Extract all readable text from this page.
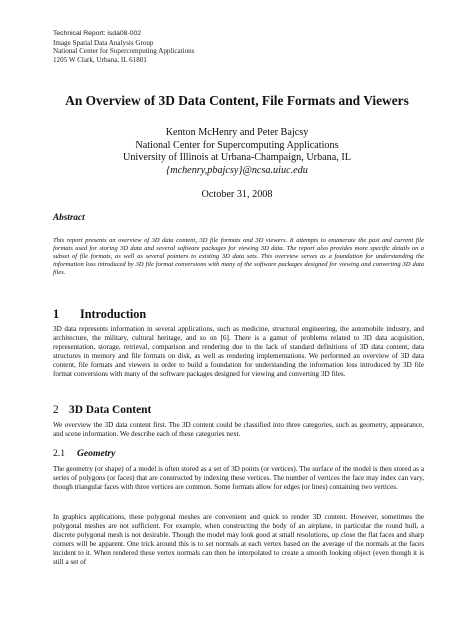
Technical Report: isda08-002
Image Spatial Data Analysis Group
National Center for Supercomputing Applications
1205 W Clark, Urbana, IL 61801
An Overview of 3D Data Content, File Formats and Viewers
Kenton McHenry and Peter Bajcsy
National Center for Supercomputing Applications
University of Illinois at Urbana-Champaign, Urbana, IL
{mchenry,pbajcsy}@ncsa.uiuc.edu
October 31, 2008
Abstract
This report presents an overview of 3D data content, 3D file formats and 3D viewers. It attempts to enumerate the past and current file formats used for storing 3D data and several software packages for viewing 3D data. The report also provides more specific details on a subset of file formats, as well as several pointers to existing 3D data sets. This overview serves as a foundation for understanding the information loss introduced by 3D file format conversions with many of the software packages designed for viewing and converting 3D data files.
1 Introduction
3D data represents information in several applications, such as medicine, structural engineering, the automobile industry, and architecture, the military, cultural heritage, and so on [6]. There is a gamut of problems related to 3D data acquisition, representation, storage, retrieval, comparison and rendering due to the lack of standard definitions of 3D data content, data structures in memory and file formats on disk, as well as rendering implementations. We performed an overview of 3D data content, file formats and viewers in order to build a foundation for understanding the information loss introduced by 3D file format conversions with many of the software packages designed for viewing and converting 3D files.
2 3D Data Content
We overview the 3D data content first. The 3D content could be classified into three categories, such as geometry, appearance, and scene information. We describe each of these categories next.
2.1 Geometry
The geometry (or shape) of a model is often stored as a set of 3D points (or vertices). The surface of the model is then stored as a series of polygons (or faces) that are constructed by indexing these vertices. The number of vertices the face may index can vary, though triangular faces with three vertices are common. Some formats allow for edges (or lines) containing two vertices.
In graphics applications, these polygonal meshes are convenient and quick to render 3D content. However, sometimes the polygonal meshes are not sufficient. For example, when constructing the body of an airplane, in particular the round hull, a discrete polygonal mesh is not desirable. Though the model may look good at small resolutions, up close the flat faces and sharp corners will be apparent. One trick around this is to set normals at each vertex based on the average of the normals at the faces incident to it. When rendered these vertex normals can then be interpolated to create a smooth looking object (even though it is still a set of
